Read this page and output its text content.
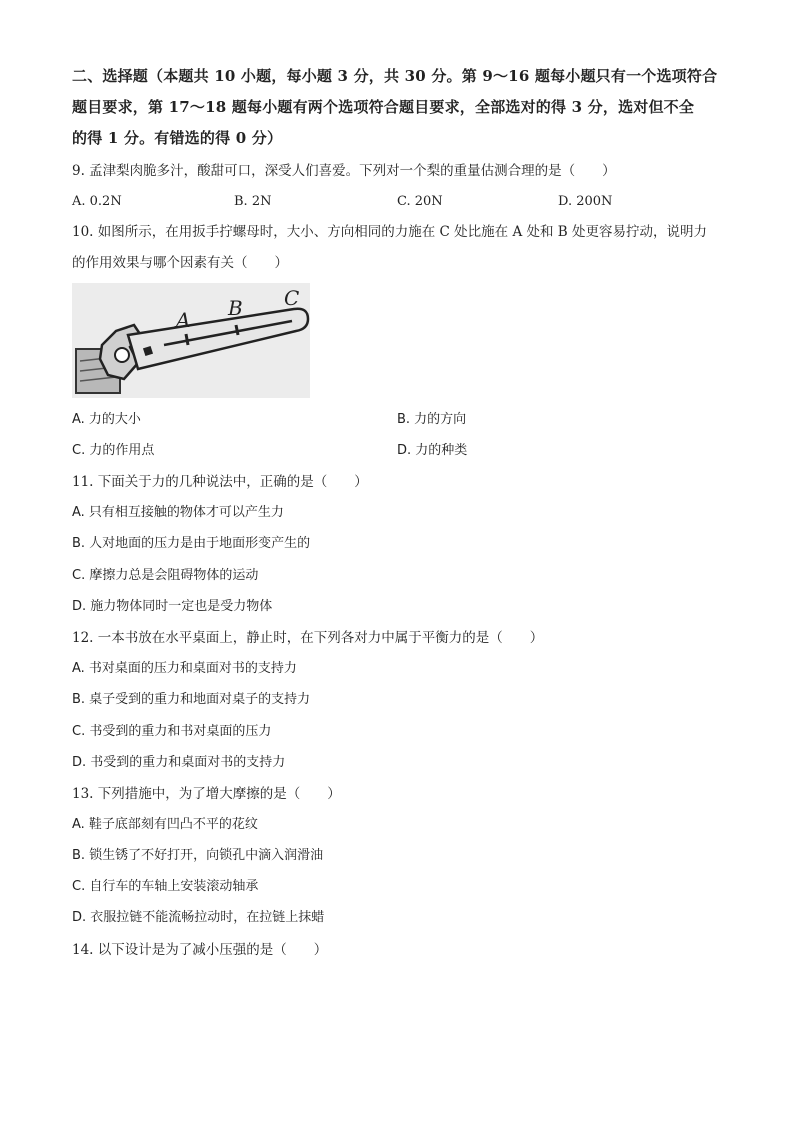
二、选择题（本题共 10 小题，每小题 3 分，共 30 分。第 9～16 题每小题只有一个选项符合
题目要求，第 17～18 题每小题有两个选项符合题目要求，全部选对的得 3 分，选对但不全
的得 1 分。有错选的得 0 分）
9. 孟津梨肉脆多汁，酸甜可口，深受人们喜爱。下列对一个梨的重量估测合理的是（　　）
A. 0.2N	B. 2N	C. 20N	D. 200N
10. 如图所示，在用扳手拧螺母时，大小、方向相同的力施在 C 处比施在 A 处和 B 处更容易拧动，说明力
的作用效果与哪个因素有关（　　）
A B C
A. 力的大小	B. 力的方向
C. 力的作用点	D. 力的种类
11. 下面关于力的几种说法中，正确的是（　　）
A. 只有相互接触的物体才可以产生力
B. 人对地面的压力是由于地面形变产生的
C. 摩擦力总是会阻碍物体的运动
D. 施力物体同时一定也是受力物体
12. 一本书放在水平桌面上，静止时，在下列各对力中属于平衡力的是（　　）
A. 书对桌面的压力和桌面对书的支持力
B. 桌子受到的重力和地面对桌子的支持力
C. 书受到的重力和书对桌面的压力
D. 书受到的重力和桌面对书的支持力
13. 下列措施中，为了增大摩擦的是（　　）
A. 鞋子底部刻有凹凸不平的花纹
B. 锁生锈了不好打开，向锁孔中滴入润滑油
C. 自行车的车轴上安装滚动轴承
D. 衣服拉链不能流畅拉动时，在拉链上抹蜡
14. 以下设计是为了减小压强的是（　　）
